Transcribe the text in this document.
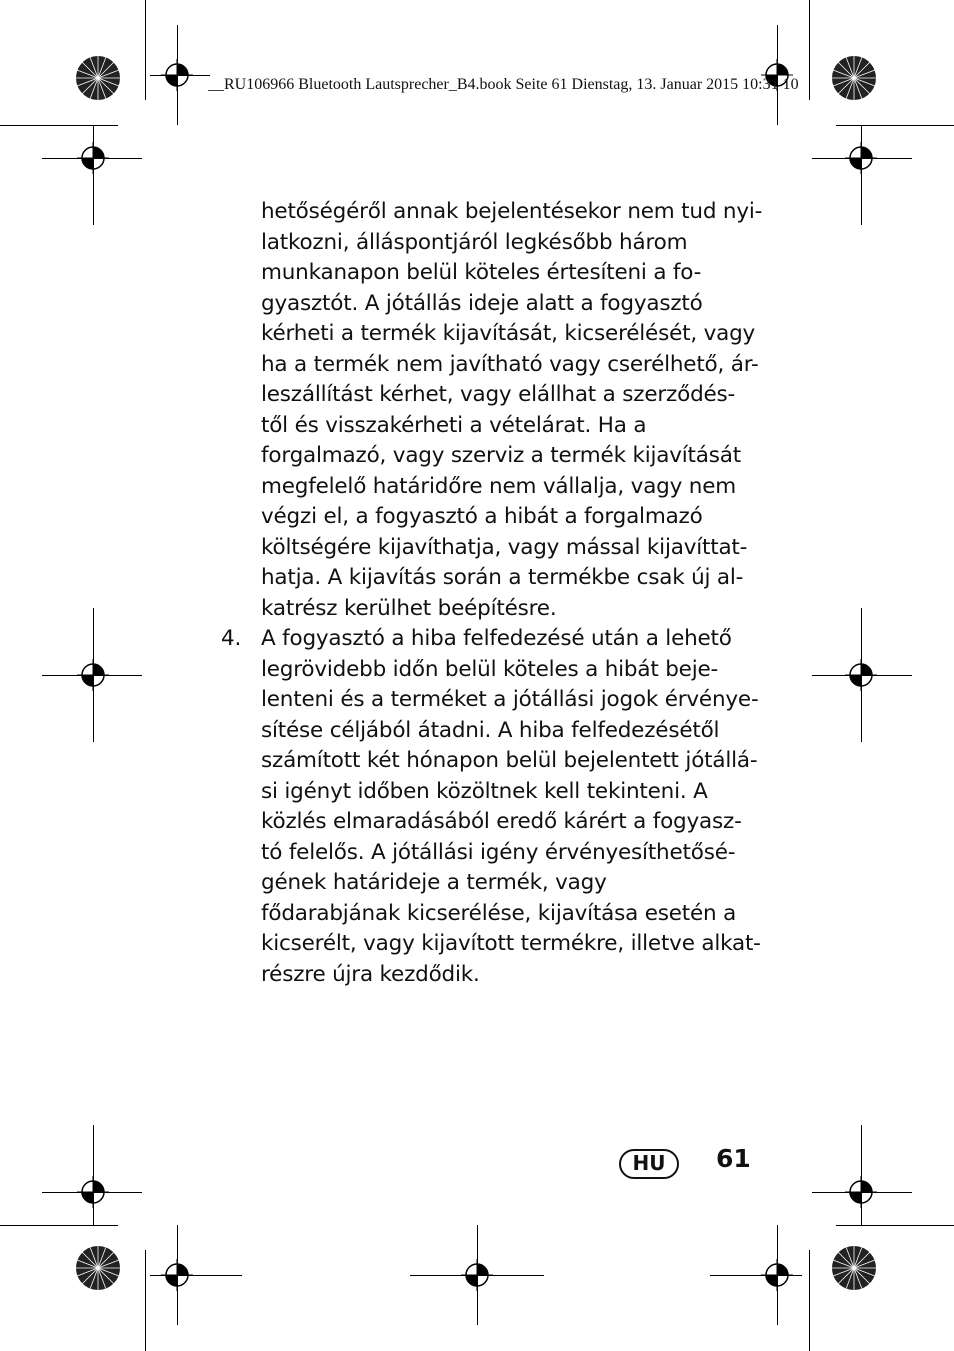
__RU106966 Bluetooth Lautsprecher_B4.book Seite 61 Dienstag, 13. Januar 2015 10:31 10
hetőségéről annak bejelentésekor nem tud nyi-
latkozni, álláspontjáról legkésőbb három
munkanapon belül köteles értesíteni a fo-
gyasztót. A jótállás ideje alatt a fogyasztó
kérheti a termék kijavítását, kicserélését, vagy
ha a termék nem javítható vagy cserélhető, ár-
leszállítást kérhet, vagy elállhat a szerződés-
től és visszakérheti a vételárat. Ha a
forgalmazó, vagy szerviz a termék kijavítását
megfelelő határidőre nem vállalja, vagy nem
végzi el, a fogyasztó a hibát a forgalmazó
költségére kijavíthatja, vagy mással kijavíttat-
hatja. A kijavítás során a termékbe csak új al-
katrész kerülhet beépítésre.
4. A fogyasztó a hiba felfedezésé után a lehető
legrövidebb időn belül köteles a hibát beje-
lenteni és a terméket a jótállási jogok érvénye-
sítése céljából átadni. A hiba felfedezésétől
számított két hónapon belül bejelentett jótállá-
si igényt időben közöltnek kell tekinteni. A
közlés elmaradásából eredő kárért a fogyasz-
tó felelős. A jótállási igény érvényesíthetősé-
gének határideje a termék, vagy
fődarabjának kicserélése, kijavítása esetén a
kicserélt, vagy kijavított termékre, illetve alkat-
részre újra kezdődik.
HU	61
